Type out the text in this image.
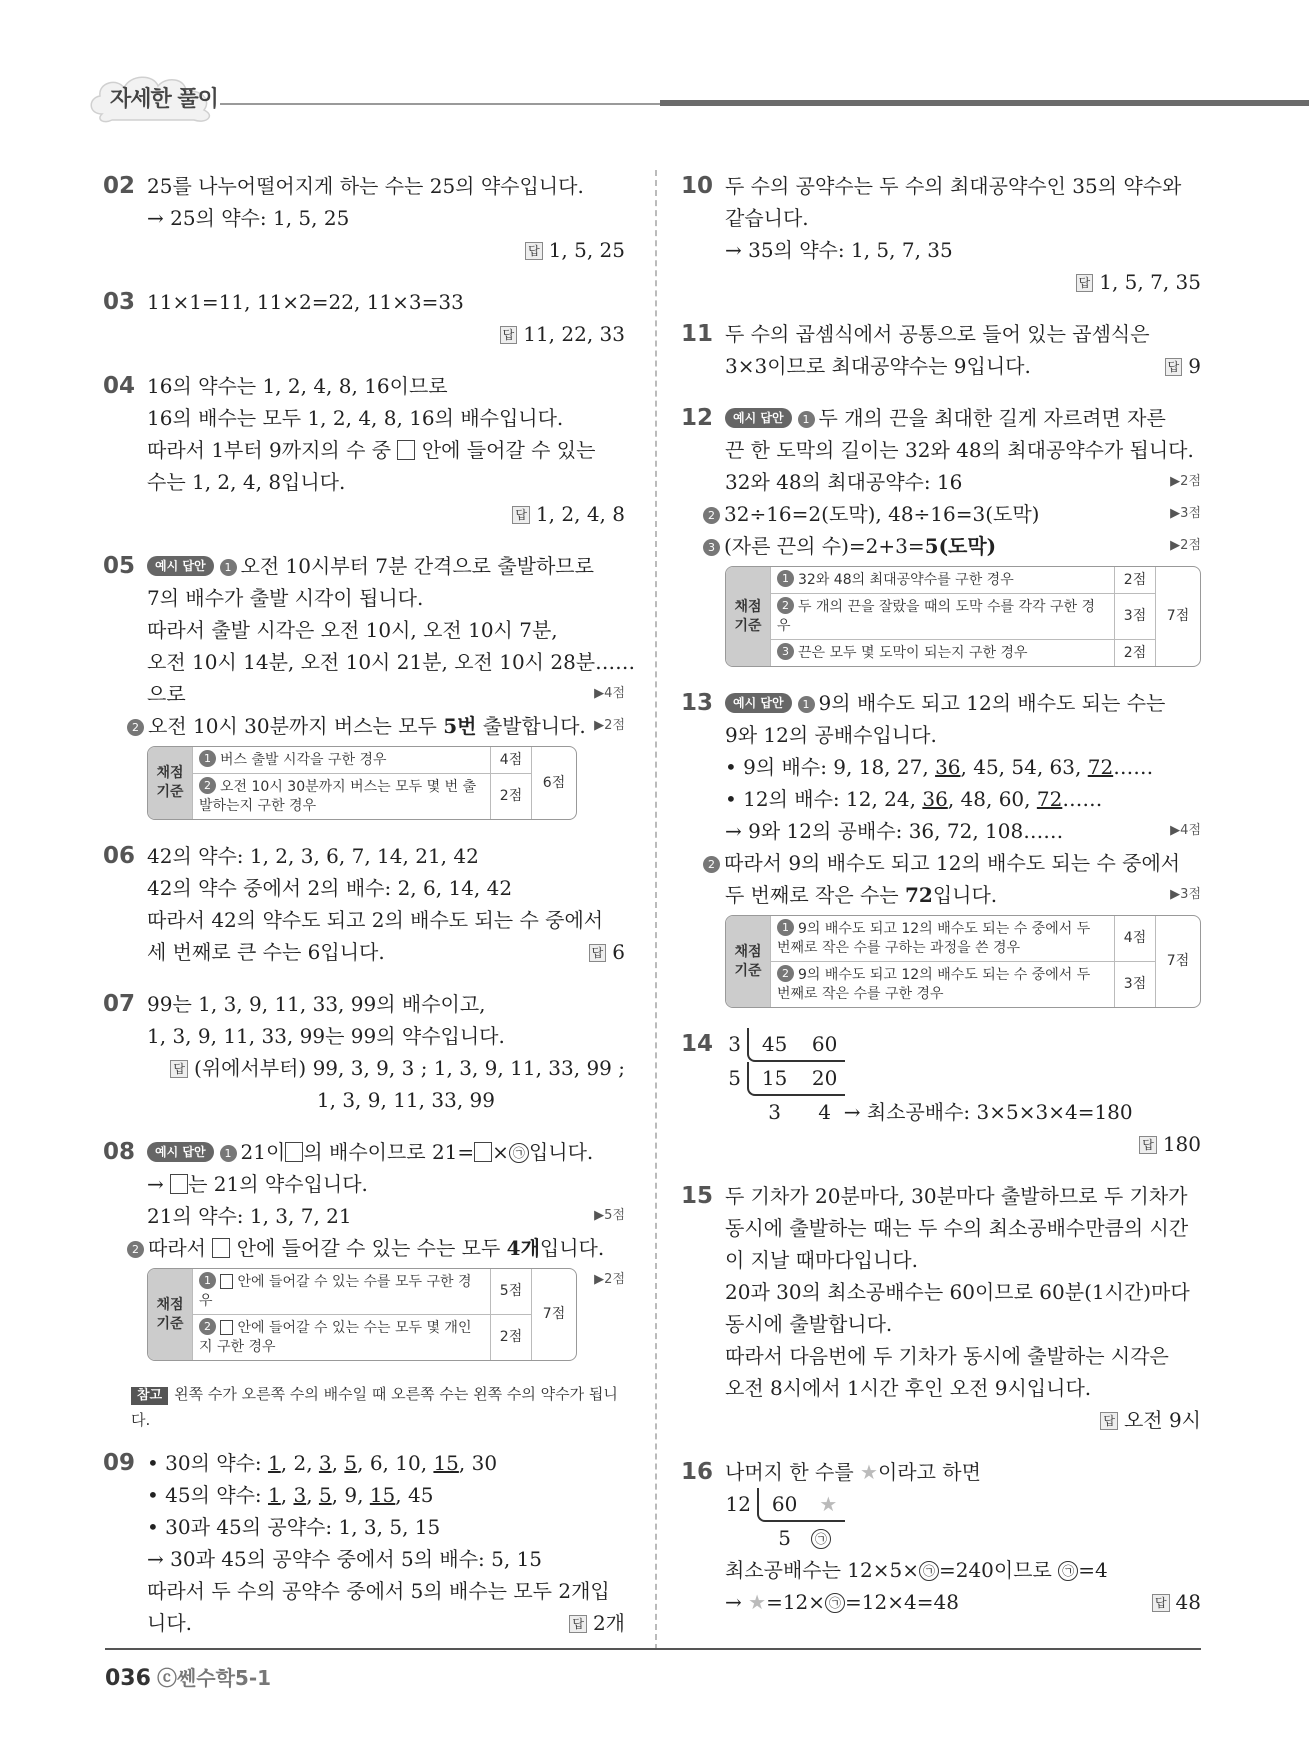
자세한 풀이
02 25를 나누어떨어지게 하는 수는 25의 약수입니다.
→ 25의 약수: 1, 5, 25
답 1, 5, 25
03 11×1=11, 11×2=22, 11×3=33
답 11, 22, 33
04 16의 약수는 1, 2, 4, 8, 16이므로
16의 배수는 모두 1, 2, 4, 8, 16의 배수입니다.
따라서 1부터 9까지의 수 중 안에 들어갈 수 있는
수는 1, 2, 4, 8입니다.
답 1, 2, 4, 8
05	예시 답안 1 오전 10시부터 7분 간격으로 출발하므로
7의 배수가 출발 시각이 됩니다.
따라서 출발 시각은 오전 10시, 오전 10시 7분,
오전 10시 14분, 오전 10시 21분, 오전 10시 28분……
으로	▶4점
2 오전 10시 30분까지 버스는 모두 5번 출발합니다. ▶2점
채점
기준	1 버스 출발 시각을 구한 경우	4점	6점
	2 오전 10시 30분까지 버스는 모두 몇 번 출발하는지 구한 경우	2점	
06 42의 약수: 1, 2, 3, 6, 7, 14, 21, 42
42의 약수 중에서 2의 배수: 2, 6, 14, 42
따라서 42의 약수도 되고 2의 배수도 되는 수 중에서
세 번째로 큰 수는 6입니다.	답 6
07 99는 1, 3, 9, 11, 33, 99의 배수이고,
1, 3, 9, 11, 33, 99는 99의 약수입니다.
답 (위에서부터) 99, 3, 9, 3 ; 1, 3, 9, 11, 33, 99 ;
1, 3, 9, 11, 33, 99
08	예시 답안 1 21이 의 배수이므로 21= × ㉠ 입니다.
→ 는 21의 약수입니다.
21의 약수: 1, 3, 7, 21	▶5점
2 따라서 안에 들어갈 수 있는 수는 모두 4개입니다.
▶2점
채점
기준	1 안에 들어갈 수 있는 수를 모두 구한 경우	5점	7점
	2 안에 들어갈 수 있는 수는 모두 몇 개인지 구한 경우	2점	
참고 왼쪽 수가 오른쪽 수의 배수일 때 오른쪽 수는 왼쪽 수의 약수가 됩니다.
09 • 30의 약수: 1, 2, 3, 5, 6, 10, 15, 30
• 45의 약수: 1, 3, 5, 9, 15, 45
• 30과 45의 공약수: 1, 3, 5, 15
→ 30과 45의 공약수 중에서 5의 배수: 5, 15
따라서 두 수의 공약수 중에서 5의 배수는 모두 2개입
니다.	답 2개
10 두 수의 공약수는 두 수의 최대공약수인 35의 약수와
같습니다.
→ 35의 약수: 1, 5, 7, 35
답 1, 5, 7, 35
11 두 수의 곱셈식에서 공통으로 들어 있는 곱셈식은
3×3이므로 최대공약수는 9입니다.	답 9
12	예시 답안 1 두 개의 끈을 최대한 길게 자르려면 자른
끈 한 도막의 길이는 32와 48의 최대공약수가 됩니다.
32와 48의 최대공약수: 16	▶2점
2 32÷16=2(도막), 48÷16=3(도막)	▶3점
3 (자른 끈의 수)=2+3=5(도막)	▶2점
채점
기준	1 32와 48의 최대공약수를 구한 경우	2점	7점
	2 두 개의 끈을 잘랐을 때의 도막 수를 각각 구한 경우	3점	
	3 끈은 모두 몇 도막이 되는지 구한 경우	2점	
13	예시 답안 1 9의 배수도 되고 12의 배수도 되는 수는
9와 12의 공배수입니다.
• 9의 배수: 9, 18, 27, 36, 45, 54, 63, 72……
• 12의 배수: 12, 24, 36, 48, 60, 72……
→ 9와 12의 공배수: 36, 72, 108……	▶4점
2 따라서 9의 배수도 되고 12의 배수도 되는 수 중에서
두 번째로 작은 수는 72입니다.	▶3점
채점
기준	1 9의 배수도 되고 12의 배수도 되는 수 중에서 두 번째로 작은 수를 구하는 과정을 쓴 경우	4점	7점
	2 9의 배수도 되고 12의 배수도 되는 수 중에서 두 번째로 작은 수를 구한 경우	3점	
14 3 45 60
5 15 20
3 4 → 최소공배수: 3×5×3×4=180
답 180
15 두 기차가 20분마다, 30분마다 출발하므로 두 기차가
동시에 출발하는 때는 두 수의 최소공배수만큼의 시간
이 지날 때마다입니다.
20과 30의 최소공배수는 60이므로 60분(1시간)마다
동시에 출발합니다.
따라서 다음번에 두 기차가 동시에 출발하는 시각은
오전 8시에서 1시간 후인 오전 9시입니다.
답 오전 9시
16 나머지 한 수를 ★이라고 하면
12 60 ★
5 ㉠
최소공배수는 12×5× ㉠ =240이므로 ㉠ =4
→ ★=12× ㉠ =12×4=48	답 48
036 ⓒ쎈수학5-1
